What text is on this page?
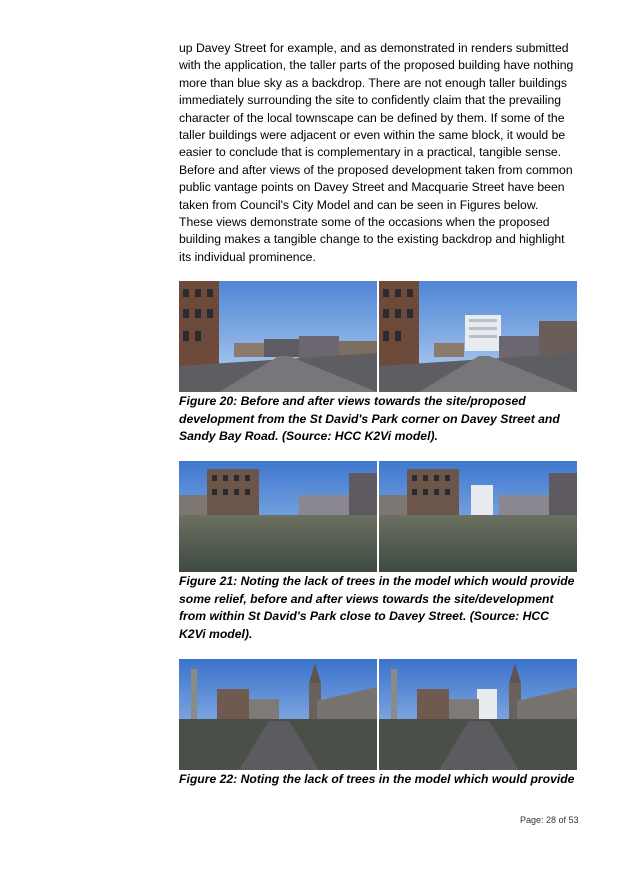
up Davey Street for example, and as demonstrated in renders submitted
with the application, the taller parts of the proposed building have nothing
more than blue sky as a backdrop. There are not enough taller buildings
immediately surrounding the site to confidently claim that the prevailing
character of the local townscape can be defined by them. If some of the
taller buildings were adjacent or even within the same block, it would be
easier to conclude that is complementary in a practical, tangible sense.
Before and after views of the proposed development taken from common
public vantage points on Davey Street and Macquarie Street have been
taken from Council's City Model and can be seen in Figures below.
These views demonstrate some of the occasions when the proposed
building makes a tangible change to the existing backdrop and highlight
its individual prominence.

Figure 20: Before and after views towards the site/proposed
development from the St David's Park corner on Davey Street and
Sandy Bay Road. (Source: HCC K2Vi model).

Figure 21: Noting the lack of trees in the model which would provide
some relief, before and after views towards the site/development
from within St David's Park close to Davey Street. (Source: HCC
K2Vi model).

Figure 22: Noting the lack of trees in the model which would provide

Page: 28 of 53
